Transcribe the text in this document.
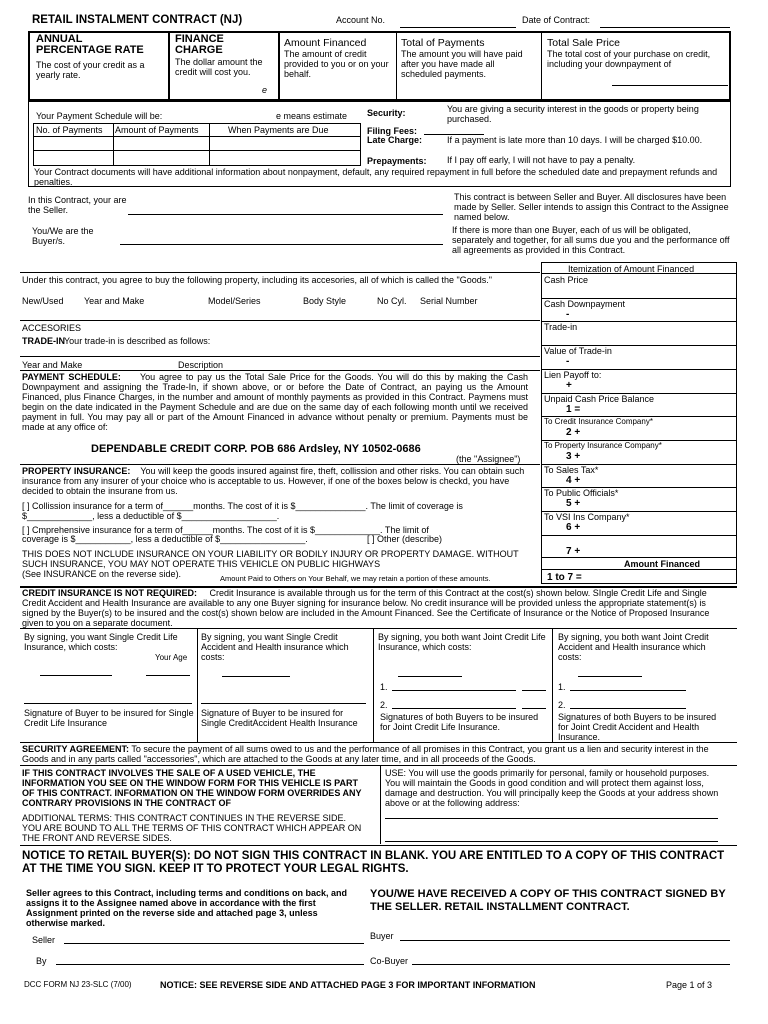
RETAIL INSTALMENT CONTRACT (NJ)	Account No.	Date of Contract:
ANNUAL
PERCENTAGE RATE
The cost of your credit as a yearly rate.
FINANCE
CHARGE
The dollar amount the credit will cost you.
e
Amount Financed
The amount of credit provided to you or on your behalf.
Total of Payments
The amount you will have paid after you have made all scheduled payments.
Total Sale Price
The total cost of your purchase on credit, including your downpayment of
Your Payment Schedule will be:	e means estimate
No. of Payments Amount of Payments	When Payments are Due
Security:	You are giving a security interest in the goods or property being purchased.
Filing Fees:
Late Charge:	If a payment is late more than 10 days. I will be charged $10.00.
Prepayments: If I pay off early, I will not have to pay a penalty.
Your Contract documents will have additional information about nonpayment, default, any required repayment in full before the scheduled date and prepayment refunds and penalties.
In this Contract, your are the Seller.
This contract is between Seller and Buyer. All disclosures have been made by Seller. Seller intends to assign this Contract to the Assignee named below.
You/We are the Buyer/s.
If there is more than one Buyer, each of us will be obligated, separately and together, for all sums due you and the performance off all agreements as provided in this Contract.
Under this contract, you agree to buy the following property, including its accesories, all of which is called the "Goods."
New/Used Year and Make	Model/Series	Body Style	No Cyl. Serial Number
ACCESORIES
TRADE-IN Your trade-in is described as follows:
Year and Make	Description
PAYMENT SCHEDULE: You agree to pay us the Total Sale Price for the Goods. You will do this by making the Cash Downpayment and assigning the Trade-In, if shown above, or or before the Date of Contract, an paying us the Amount Financed, plus Finance Charges, in the number and amount of monthly payments as provided in this Contract. Paymens must begin on the date indicated in the Payment Schedule and are due on the same day of each following month until we received payment in full. You may pay all or part of the Amount Financed in advance without penalty or premium. Payments must be made at any office of:
DEPENDABLE CREDIT CORP. POB 686 Ardsley, NY 10502-0686
(the "Assignee")
PROPERTY INSURANCE: You will keep the goods insured against fire, theft, collission and other risks. You can obtain such insurance from any insurer of your choice who is acceptable to us. However, if one of the boxes below is checkd, you have decided to obtain the insurane from us.
[ ] Collission insurance for a term of______months. The cost of it is $______________. The limit of coverage is
$_____________, less a deductible of $___________________.
[ ] Cmprehensive insurance for a term of______months. The cost of it is $_____________. The limit of
coverage is $___________, less a deductible of $_________________.	[ ] Other (describe)
THIS DOES NOT INCLUDE INSURANCE ON YOUR LIABILITY OR BODILY INJURY OR PROPERTY DAMAGE. WITHOUT SUCH INSURANCE, YOU MAY NOT OPERATE THIS VEHICLE ON PUBLIC HIGHWAYS
(See INSURANCE on the reverse side).	Amount Paid to Others on Your Behalf, we may retain a portion of these amounts.
Itemization of Amount Financed
Cash Price
Cash Downpayment
-
Trade-in
Value of Trade-in
-
Lien Payoff to:
+
Unpaid Cash Price Balance
1 =
To Credit Insurance Company*
2 +
To Property Insurance Company*
3 +
To Sales Tax*
4 +
To Public Officials*
5 +
To VSI Ins Company*
6 +
7 +
Amount Financed
1 to 7 =
CREDIT INSURANCE IS NOT REQUIRED: Credit Insurance is available through us for the term of this Contract at the cost(s) shown below. SIngle Credit Life and Single Credit Accident and Health Insurance are available to any one Buyer signing for insurance below. No credit insurance will be provided unless the appropriate statement(s) is signed by the Buyer(s) to be insured and the cost(s) shown below are included in the Amount Financed. See the Certificate of Insurance or the Notice of Proposed Insurance given to you on a separate document.
By signing, you want Single Credit Life Insurance, which costs:
Your Age
Signature of Buyer to be insured for Single Credit Life Insurance
By signing, you want Single Credit Accident and Health insurance which costs:
Signature of Buyer to be insured for Single CreditAccident Health Insurance
By signing, you both want Joint Credit Life Insurance, which costs:
1.
2.
Signatures of both Buyers to be insured for Joint Credit Life Insurance.
By signing, you both want Joint Credit Accident and Health insurance which costs:
1.
2.
Signatures of both Buyers to be insured for Joint Credit Accident and Health Insurance.
SECURITY AGREEMENT: To secure the payment of all sums owed to us and the performance of all promises in this Contract, you grant us a lien and security interest in the Goods and in any parts called "accessories", which are attached to the Goods at any later time, and in all proceeds of the Goods.
IF THIS CONTRACT INVOLVES THE SALE OF A USED VEHICLE, THE INFORMATION YOU SEE ON THE WINDOW FORM FOR THIS VEHICLE IS PART OF THIS CONTRACT. INFORMATION ON THE WINDOW FORM OVERRIDES ANY CONTRARY PROVISIONS IN THE CONTRACT OF
USE: You will use the goods primarily for personal, family or household purposes. You will maintain the Goods in good condition and will protect them against loss, damage and destruction. You will principally keep the Goods at your address shown above or at the following address:
ADDITIONAL TERMS: THIS CONTRACT CONTINUES IN THE REVERSE SIDE. YOU ARE BOUND TO ALL THE TERMS OF THIS CONTRACT WHICH APPEAR ON THE FRONT AND REVERSE SIDES.
NOTICE TO RETAIL BUYER(S): DO NOT SIGN THIS CONTRACT IN BLANK. YOU ARE ENTITLED TO A COPY OF THIS CONTRACT AT THE TIME YOU SIGN. KEEP IT TO PROTECT YOUR LEGAL RIGHTS.
Seller agrees to this Contract, including terms and conditions on back, and assigns it to the Assignee named above in accordance with the first Assignment printed on the reverse side and attached page 3, unless otherwise marked.
YOU/WE HAVE RECEIVED A COPY OF THIS CONTRACT SIGNED BY THE SELLER. RETAIL INSTALLMENT CONTRACT.
Seller	Buyer
By	Co-Buyer
DCC FORM NJ 23-SLC (7/00)	NOTICE: SEE REVERSE SIDE AND ATTACHED PAGE 3 FOR IMPORTANT INFORMATION	Page 1 of 3
